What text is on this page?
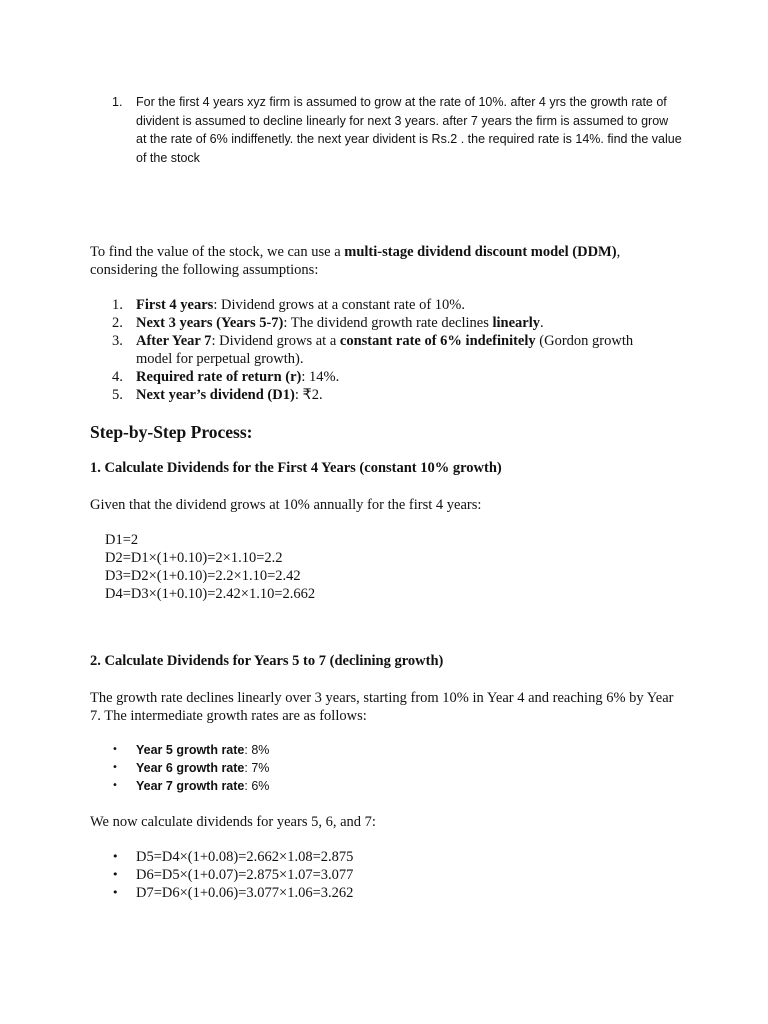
1. For the first 4 years xyz firm is assumed to grow at the rate of 10%. after 4 yrs the growth rate of divident is assumed to decline linearly for next 3 years. after 7 years the firm is assumed to grow at the rate of 6% indiffenetly. the next year divident is Rs.2 . the required rate is 14%. find the value of the stock
To find the value of the stock, we can use a multi-stage dividend discount model (DDM), considering the following assumptions:
1. First 4 years: Dividend grows at a constant rate of 10%.
2. Next 3 years (Years 5-7): The dividend growth rate declines linearly.
3. After Year 7: Dividend grows at a constant rate of 6% indefinitely (Gordon growth model for perpetual growth).
4. Required rate of return (r): 14%.
5. Next year’s dividend (D1): ₹2.
Step-by-Step Process:
1. Calculate Dividends for the First 4 Years (constant 10% growth)
Given that the dividend grows at 10% annually for the first 4 years:
D1=2
D2=D1×(1+0.10)=2×1.10=2.2
D3=D2×(1+0.10)=2.2×1.10=2.42
D4=D3×(1+0.10)=2.42×1.10=2.662
2. Calculate Dividends for Years 5 to 7 (declining growth)
The growth rate declines linearly over 3 years, starting from 10% in Year 4 and reaching 6% by Year 7. The intermediate growth rates are as follows:
• Year 5 growth rate: 8%
• Year 6 growth rate: 7%
• Year 7 growth rate: 6%
We now calculate dividends for years 5, 6, and 7:
• D5=D4×(1+0.08)=2.662×1.08=2.875
• D6=D5×(1+0.07)=2.875×1.07=3.077
• D7=D6×(1+0.06)=3.077×1.06=3.262
